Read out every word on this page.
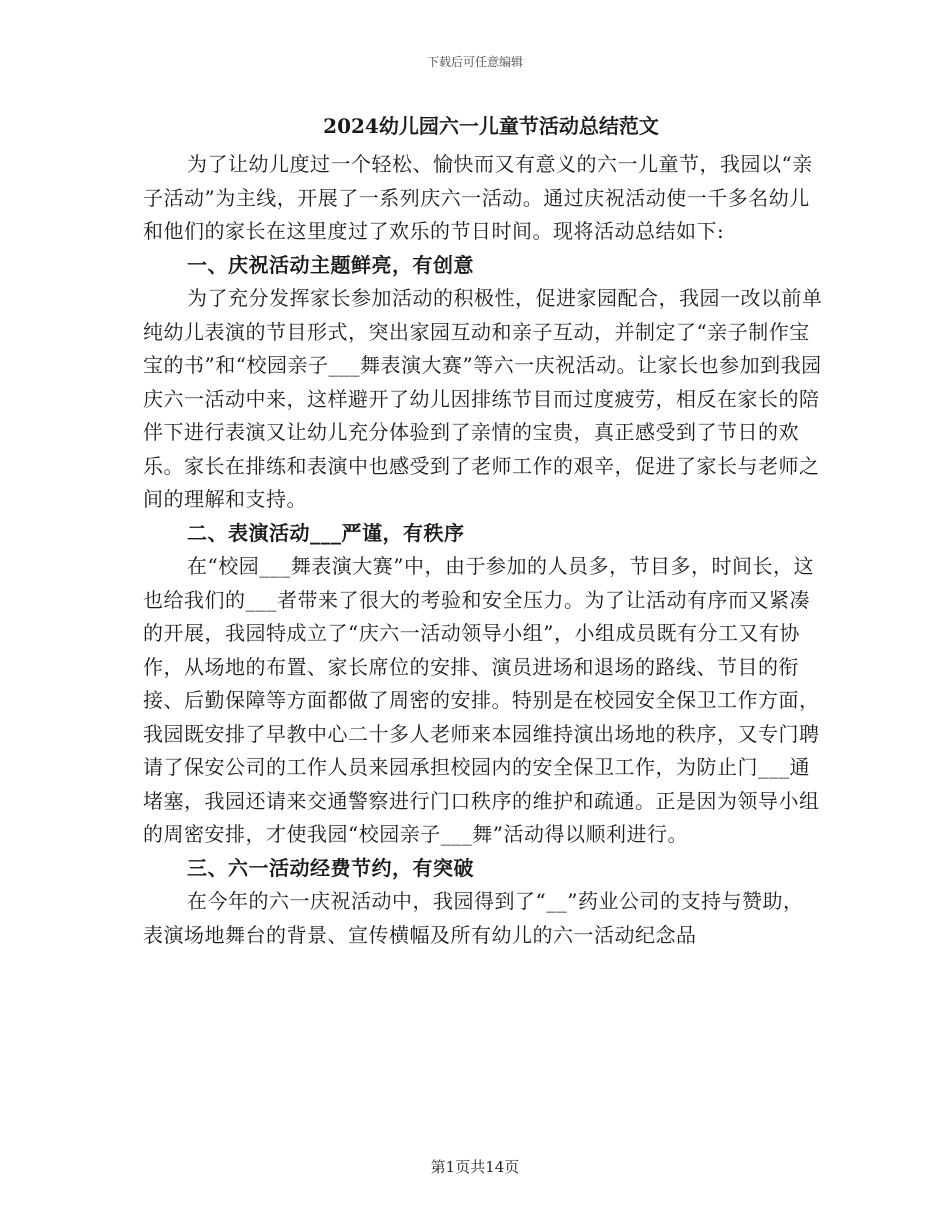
下载后可任意编辑
2024幼儿园六一儿童节活动总结范文

为了让幼儿度过一个轻松、愉快而又有意义的六一儿童节，我园以“亲子活动”为主线，开展了一系列庆六一活动。通过庆祝活动使一千多名幼儿和他们的家长在这里度过了欢乐的节日时间。现将活动总结如下:

一、庆祝活动主题鲜亮，有创意

为了充分发挥家长参加活动的积极性，促进家园配合，我园一改以前单纯幼儿表演的节目形式，突出家园互动和亲子互动，并制定了“亲子制作宝宝的书”和“校园亲子___舞表演大赛”等六一庆祝活动。让家长也参加到我园庆六一活动中来，这样避开了幼儿因排练节目而过度疲劳，相反在家长的陪伴下进行表演又让幼儿充分体验到了亲情的宝贵，真正感受到了节日的欢乐。家长在排练和表演中也感受到了老师工作的艰辛，促进了家长与老师之间的理解和支持。

二、表演活动___严谨，有秩序

在“校园___舞表演大赛”中，由于参加的人员多，节目多，时间长，这也给我们的___者带来了很大的考验和安全压力。为了让活动有序而又紧凑的开展，我园特成立了“庆六一活动领导小组”，小组成员既有分工又有协作，从场地的布置、家长席位的安排、演员进场和退场的路线、节目的衔接、后勤保障等方面都做了周密的安排。特别是在校园安全保卫工作方面，我园既安排了早教中心二十多人老师来本园维持演出场地的秩序，又专门聘请了保安公司的工作人员来园承担校园内的安全保卫工作，为防止门___通堵塞，我园还请来交通警察进行门口秩序的维护和疏通。正是因为领导小组的周密安排，才使我园“校园亲子___舞”活动得以顺利进行。

三、六一活动经费节约，有突破

在今年的六一庆祝活动中，我园得到了“__”药业公司的支持与赞助，表演场地舞台的背景、宣传横幅及所有幼儿的六一活动纪念品

第1页共14页
